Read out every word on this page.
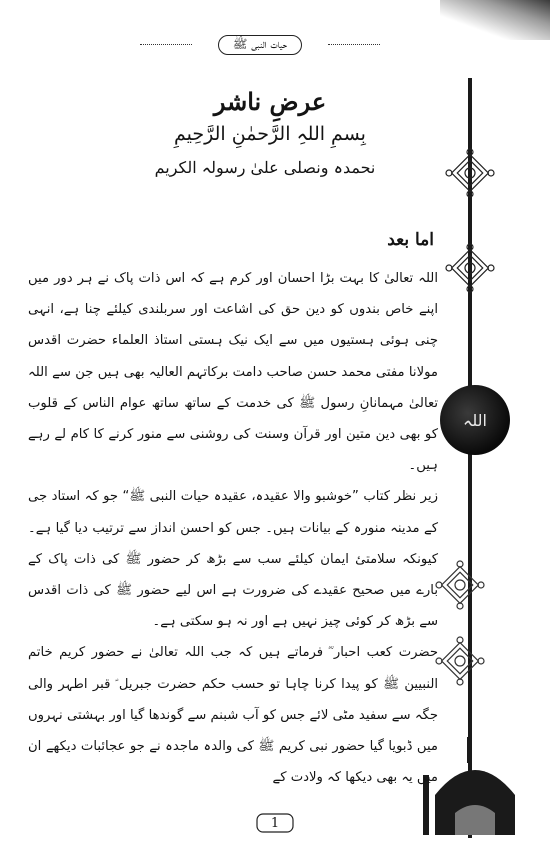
حیات النبی ﷺ
اللہ
عرضِ ناشر
بِسمِ اللہِ الرَّحمٰنِ الرَّحِیمِ
نحمدہ ونصلی علیٰ رسولہ الکریم
اما بعد

اللہ تعالیٰ کا بہت بڑا احسان اور کرم ہے کہ اس ذات پاک نے ہر دور میں اپنے خاص بندوں کو دین حق کی اشاعت اور سربلندی کیلئے چنا ہے، انہی چنی ہوئی ہستیوں میں سے ایک نیک ہستی استاذ العلماء حضرت اقدس مولانا مفتی محمد حسن صاحب دامت برکاتہم العالیہ بھی ہیں جن سے اللہ تعالیٰ مہمانانِ رسول ﷺ کی خدمت کے ساتھ ساتھ عوام الناس کے قلوب کو بھی دین متین اور قرآن وسنت کی روشنی سے منور کرنے کا کام لے رہے ہیں۔

زیر نظر کتاب ”خوشبو والا عقیدہ، عقیدہ حیات النبی ﷺ“ جو کہ استاد جی کے مدینہ منورہ کے بیانات ہیں۔ جس کو احسن انداز سے ترتیب دیا گیا ہے۔ کیونکہ سلامتیٔ ایمان کیلئے سب سے بڑھ کر حضور ﷺ کی ذات پاک کے بارے میں صحیح عقیدے کی ضرورت ہے اس لیے حضور ﷺ کی ذات اقدس سے بڑھ کر کوئی چیز نہیں ہے اور نہ ہو سکتی ہے۔

حضرت کعب احبار ؓ فرماتے ہیں کہ جب اللہ تعالیٰ نے حضور کریم خاتم النبیین ﷺ کو پیدا کرنا چاہا تو حسب حکم حضرت جبریل ؑ قبر اطہر والی جگہ سے سفید مٹی لائے جس کو آب شبنم سے گوندھا گیا اور بہشتی نہروں میں ڈبویا گیا حضور نبی کریم ﷺ کی والدہ ماجدہ نے جو عجائبات دیکھے ان میں یہ بھی دیکھا کہ ولادت کے

1
